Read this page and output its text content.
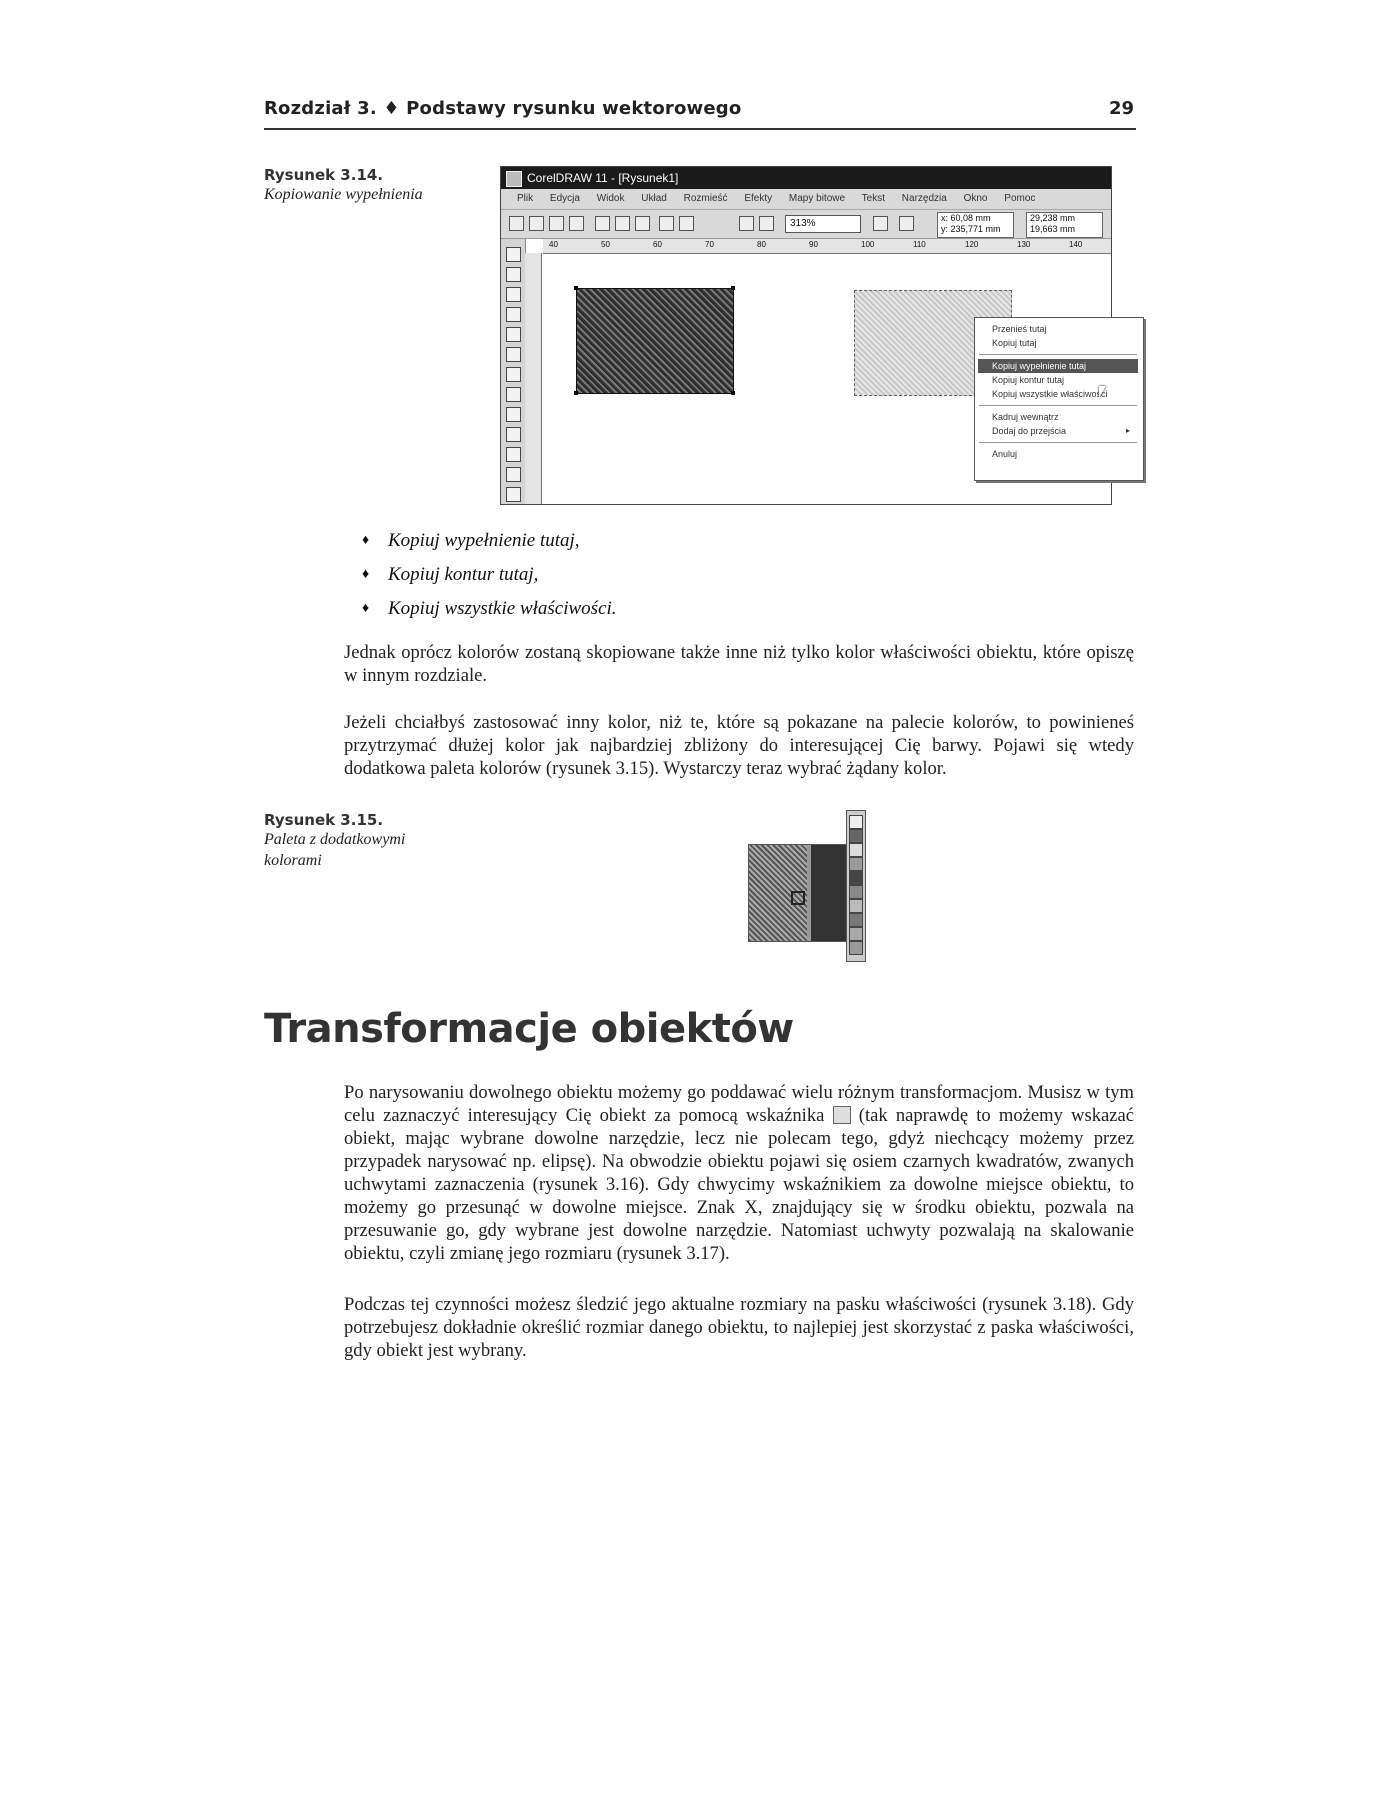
Rozdział 3. ♦ Podstawy rysunku wektorowego	29
Rysunek 3.14.
Kopiowanie wypełnienia
CorelDRAW 11 - [Rysunek1]
Plik Edycja Widok Układ Rozmieść Efekty Mapy bitowe Tekst Narzędzia Okno Pomoc
313%	x: 60,08 mm
y: 235,771 mm
29,238 mm
19,663 mm
40	50	60	70	80	90	100	110	120	130	140
Przenieś tutaj
Kopiuj tutaj
Kopiuj wypełnienie tutaj
Kopiuj kontur tutaj
Kopiuj wszystkie właściwości
Kadruj wewnątrz
Dodaj do przejścia	▸
Anuluj
♦ Kopiuj wypełnienie tutaj,
♦ Kopiuj kontur tutaj,
♦ Kopiuj wszystkie właściwości.
Jednak oprócz kolorów zostaną skopiowane także inne niż tylko kolor właściwości obiektu, które opiszę w innym rozdziale.
Jeżeli chciałbyś zastosować inny kolor, niż te, które są pokazane na palecie kolorów, to powinieneś przytrzymać dłużej kolor jak najbardziej zbliżony do interesującej Cię barwy. Pojawi się wtedy dodatkowa paleta kolorów (rysunek 3.15). Wystarczy teraz wybrać żądany kolor.
Rysunek 3.15.
Paleta z dodatkowymi kolorami
Transformacje obiektów
Po narysowaniu dowolnego obiektu możemy go poddawać wielu różnym transformacjom. Musisz w tym celu zaznaczyć interesujący Cię obiekt za pomocą wskaźnika (tak naprawdę to możemy wskazać obiekt, mając wybrane dowolne narzędzie, lecz nie polecam tego, gdyż niechcący możemy przez przypadek narysować np. elipsę). Na obwodzie obiektu pojawi się osiem czarnych kwadratów, zwanych uchwytami zaznaczenia (rysunek 3.16). Gdy chwycimy wskaźnikiem za dowolne miejsce obiektu, to możemy go przesunąć w dowolne miejsce. Znak X, znajdujący się w środku obiektu, pozwala na przesuwanie go, gdy wybrane jest dowolne narzędzie. Natomiast uchwyty pozwalają na skalowanie obiektu, czyli zmianę jego rozmiaru (rysunek 3.17).
Podczas tej czynności możesz śledzić jego aktualne rozmiary na pasku właściwości (rysunek 3.18). Gdy potrzebujesz dokładnie określić rozmiar danego obiektu, to najlepiej jest skorzystać z paska właściwości, gdy obiekt jest wybrany.
